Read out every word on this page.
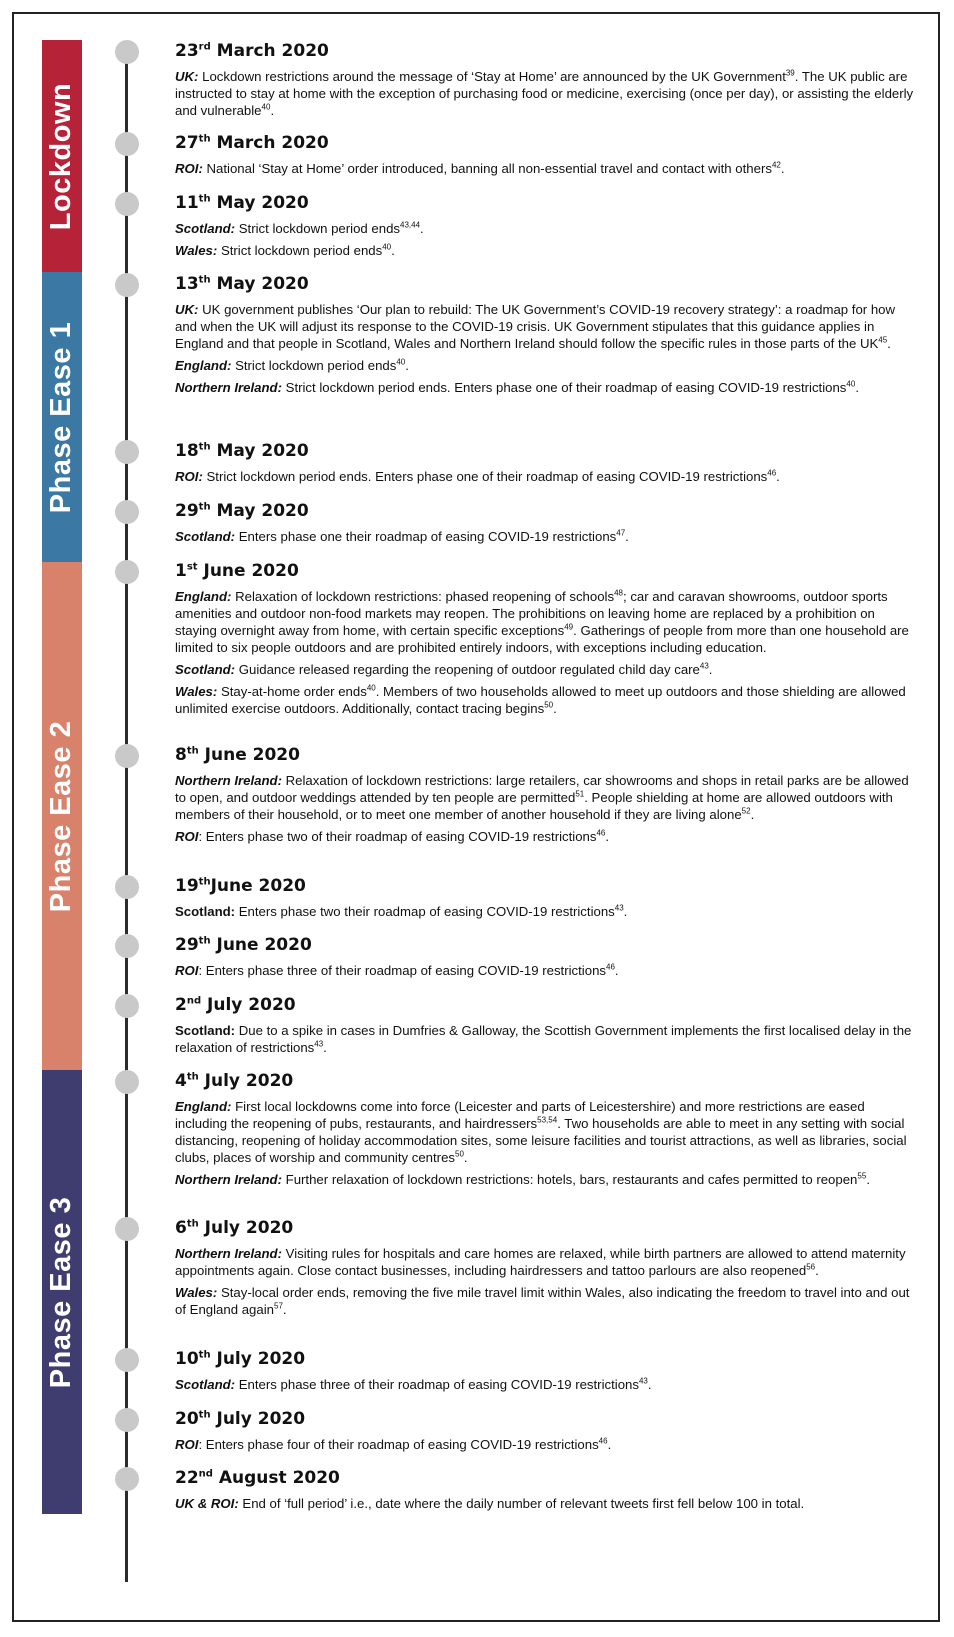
Lockdown
Phase Ease 1
Phase Ease 2
Phase Ease 3
23rd March 2020
UK: Lockdown restrictions around the message of ‘Stay at Home’ are announced by the UK Government$^{39}$. The UK public are instructed to stay at home with the exception of purchasing food or medicine, exercising (once per day), or assisting the elderly and vulnerable$^{40}$.
27th March 2020
ROI: National ‘Stay at Home’ order introduced, banning all non-essential travel and contact with others$^{42}$.
11th May 2020
Scotland: Strict lockdown period ends$^{43,44}$.
Wales: Strict lockdown period ends$^{40}$.
13th May 2020
UK: UK government publishes ‘Our plan to rebuild: The UK Government’s COVID-19 recovery strategy’: a roadmap for how and when the UK will adjust its response to the COVID-19 crisis. UK Government stipulates that this guidance applies in England and that people in Scotland, Wales and Northern Ireland should follow the specific rules in those parts of the UK$^{45}$.
England: Strict lockdown period ends$^{40}$.
Northern Ireland: Strict lockdown period ends. Enters phase one of their roadmap of easing COVID-19 restrictions$^{40}$.
18th May 2020
ROI: Strict lockdown period ends. Enters phase one of their roadmap of easing COVID-19 restrictions$^{46}$.
29th May 2020
Scotland: Enters phase one their roadmap of easing COVID-19 restrictions$^{47}$.
1st June 2020
England: Relaxation of lockdown restrictions: phased reopening of schools$^{48}$; car and caravan showrooms, outdoor sports amenities and outdoor non-food markets may reopen. The prohibitions on leaving home are replaced by a prohibition on staying overnight away from home, with certain specific exceptions$^{49}$. Gatherings of people from more than one household are limited to six people outdoors and are prohibited entirely indoors, with exceptions including education.
Scotland: Guidance released regarding the reopening of outdoor regulated child day care$^{43}$.
Wales: Stay-at-home order ends$^{40}$. Members of two households allowed to meet up outdoors and those shielding are allowed unlimited exercise outdoors. Additionally, contact tracing begins$^{50}$.
8th June 2020
Northern Ireland: Relaxation of lockdown restrictions: large retailers, car showrooms and shops in retail parks are be allowed to open, and outdoor weddings attended by ten people are permitted$^{51}$. People shielding at home are allowed outdoors with members of their household, or to meet one member of another household if they are living alone$^{52}$.
ROI: Enters phase two of their roadmap of easing COVID-19 restrictions$^{46}$.
19thJune 2020
Scotland: Enters phase two their roadmap of easing COVID-19 restrictions$^{43}$.
29th June 2020
ROI: Enters phase three of their roadmap of easing COVID-19 restrictions$^{46}$.
2nd July 2020
Scotland: Due to a spike in cases in Dumfries & Galloway, the Scottish Government implements the first localised delay in the relaxation of restrictions$^{43}$.
4th July 2020
England: First local lockdowns come into force (Leicester and parts of Leicestershire) and more restrictions are eased including the reopening of pubs, restaurants, and hairdressers$^{53,54}$. Two households are able to meet in any setting with social distancing, reopening of holiday accommodation sites, some leisure facilities and tourist attractions, as well as libraries, social clubs, places of worship and community centres$^{50}$.
Northern Ireland: Further relaxation of lockdown restrictions: hotels, bars, restaurants and cafes permitted to reopen$^{55}$.
6th July 2020
Northern Ireland: Visiting rules for hospitals and care homes are relaxed, while birth partners are allowed to attend maternity appointments again. Close contact businesses, including hairdressers and tattoo parlours are also reopened$^{56}$.
Wales: Stay-local order ends, removing the five mile travel limit within Wales, also indicating the freedom to travel into and out of England again$^{57}$.
10th July 2020
Scotland: Enters phase three of their roadmap of easing COVID-19 restrictions$^{43}$.
20th July 2020
ROI: Enters phase four of their roadmap of easing COVID-19 restrictions$^{46}$.
22nd August 2020
UK & ROI: End of ‘full period’ i.e., date where the daily number of relevant tweets first fell below 100 in total.
